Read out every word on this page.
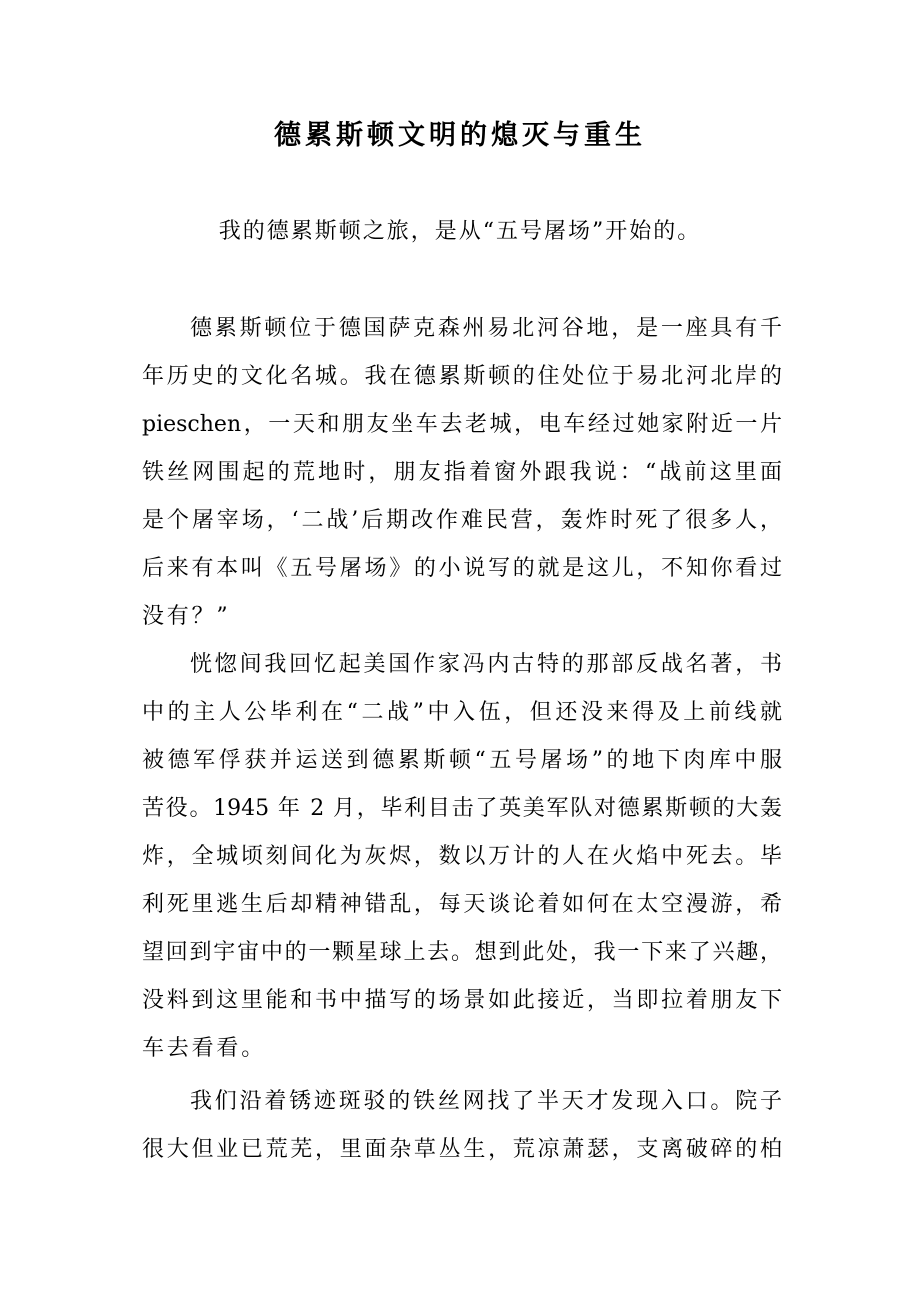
德累斯顿文明的熄灭与重生

我的德累斯顿之旅，是从“五号屠场”开始的。

德累斯顿位于德国萨克森州易北河谷地，是一座具有千
年历史的文化名城。我在德累斯顿的住处位于易北河北岸的
pieschen，一天和朋友坐车去老城，电车经过她家附近一片
铁丝网围起的荒地时，朋友指着窗外跟我说：“战前这里面
是个屠宰场，‘二战’后期改作难民营，轰炸时死了很多人，
后来有本叫《五号屠场》的小说写的就是这儿，不知你看过
没有？”
恍惚间我回忆起美国作家冯内古特的那部反战名著，书
中的主人公毕利在“二战”中入伍，但还没来得及上前线就
被德军俘获并运送到德累斯顿“五号屠场”的地下肉库中服
苦役。1945 年 2 月，毕利目击了英美军队对德累斯顿的大轰
炸，全城顷刻间化为灰烬，数以万计的人在火焰中死去。毕
利死里逃生后却精神错乱，每天谈论着如何在太空漫游，希
望回到宇宙中的一颗星球上去。想到此处，我一下来了兴趣，
没料到这里能和书中描写的场景如此接近，当即拉着朋友下
车去看看。
我们沿着锈迹斑驳的铁丝网找了半天才发现入口。院子
很大但业已荒芜，里面杂草丛生，荒凉萧瑟，支离破碎的柏
